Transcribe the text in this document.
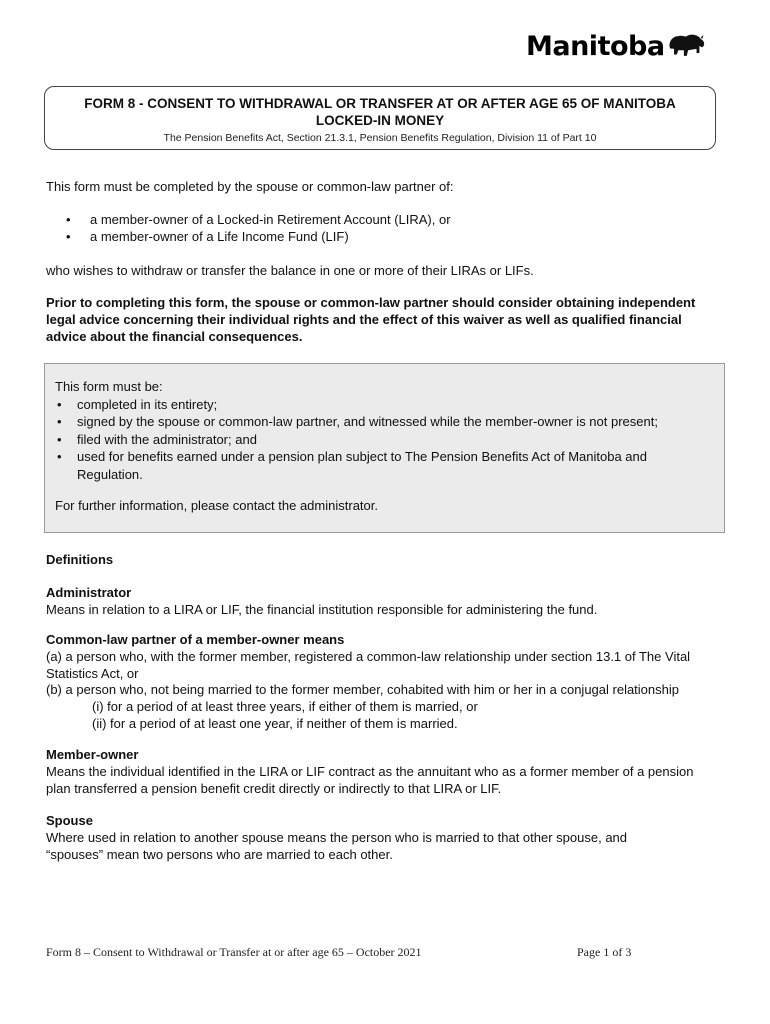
Manitoba
FORM 8 - CONSENT TO WITHDRAWAL OR TRANSFER AT OR AFTER AGE 65 OF MANITOBA LOCKED-IN MONEY
The Pension Benefits Act, Section 21.3.1, Pension Benefits Regulation, Division 11 of Part 10
This form must be completed by the spouse or common-law partner of:
• a member-owner of a Locked-in Retirement Account (LIRA), or
• a member-owner of a Life Income Fund (LIF)
who wishes to withdraw or transfer the balance in one or more of their LIRAs or LIFs.
Prior to completing this form, the spouse or common-law partner should consider obtaining independent legal advice concerning their individual rights and the effect of this waiver as well as qualified financial advice about the financial consequences.
This form must be:
• completed in its entirety;
• signed by the spouse or common-law partner, and witnessed while the member-owner is not present;
• filed with the administrator; and
• used for benefits earned under a pension plan subject to The Pension Benefits Act of Manitoba and Regulation.
For further information, please contact the administrator.
Definitions
Administrator
Means in relation to a LIRA or LIF, the financial institution responsible for administering the fund.
Common-law partner of a member-owner means
(a) a person who, with the former member, registered a common-law relationship under section 13.1 of The Vital Statistics Act, or
(b) a person who, not being married to the former member, cohabited with him or her in a conjugal relationship
(i) for a period of at least three years, if either of them is married, or
(ii) for a period of at least one year, if neither of them is married.
Member-owner
Means the individual identified in the LIRA or LIF contract as the annuitant who as a former member of a pension plan transferred a pension benefit credit directly or indirectly to that LIRA or LIF.
Spouse
Where used in relation to another spouse means the person who is married to that other spouse, and “spouses” mean two persons who are married to each other.
Form 8 – Consent to Withdrawal or Transfer at or after age 65 – October 2021	Page 1 of 3
